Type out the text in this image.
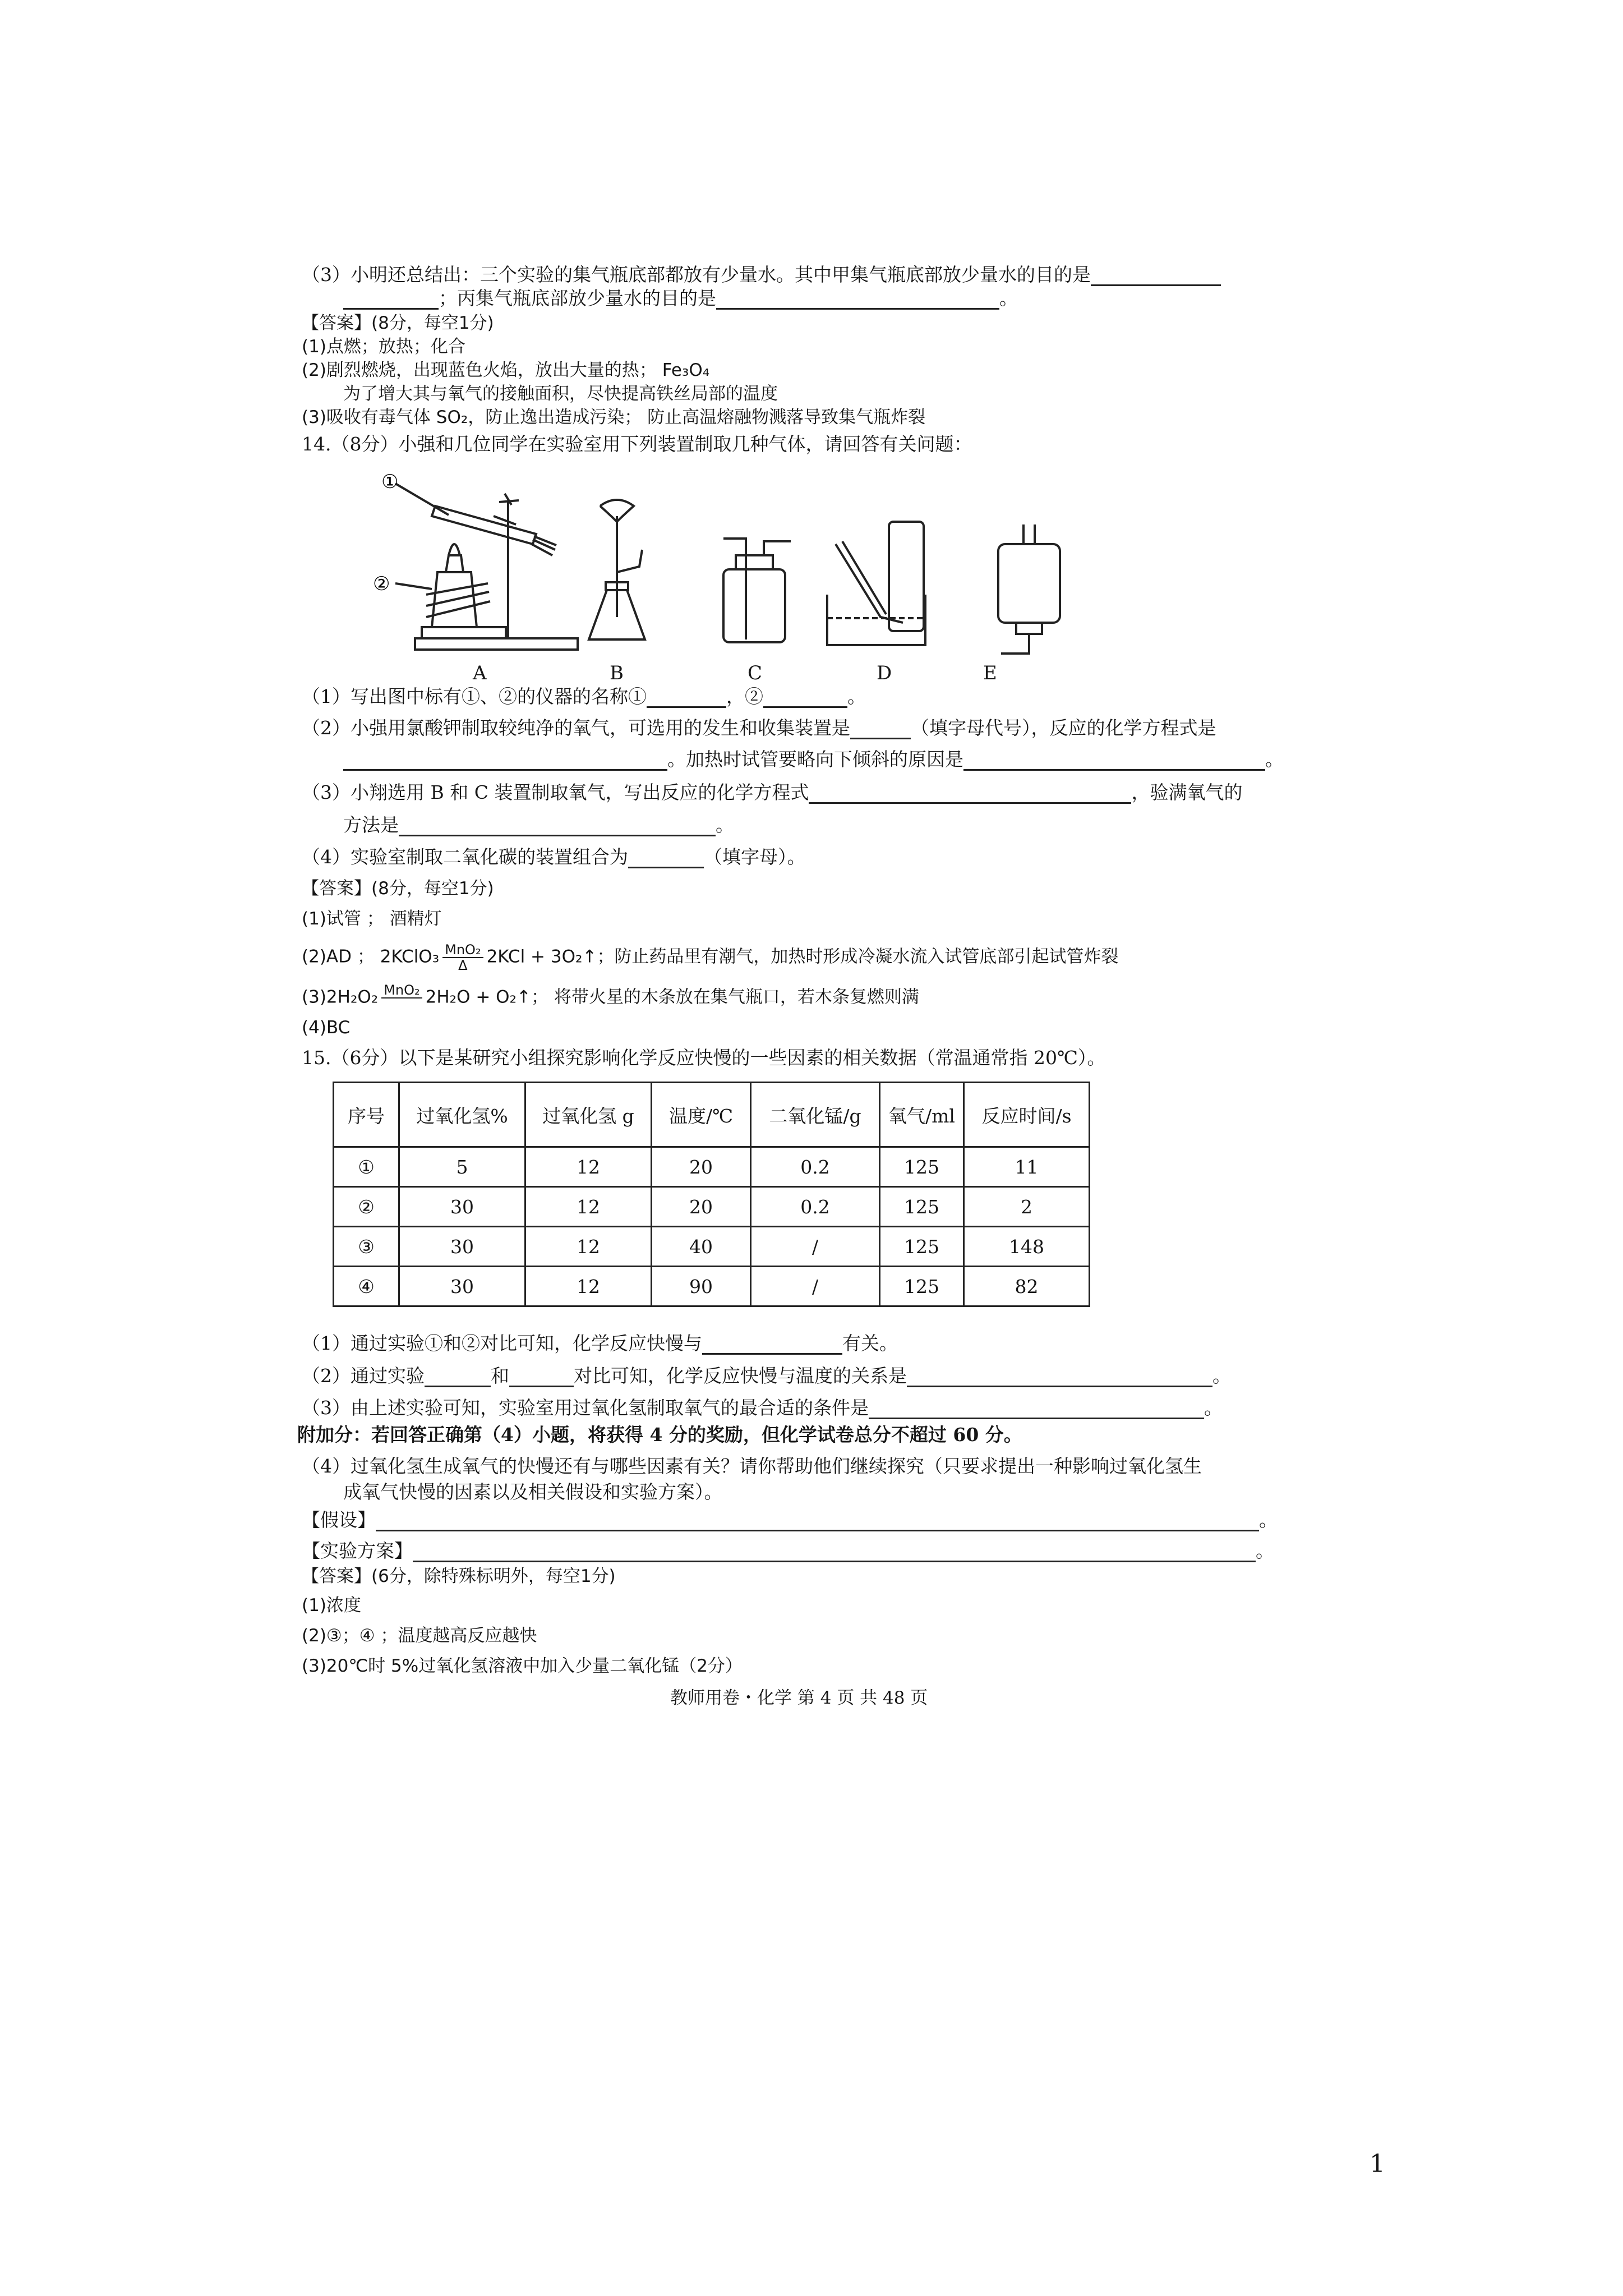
（3）小明还总结出：三个实验的集气瓶底部都放有少量水。其中甲集气瓶底部放少量水的目的是
；丙集气瓶底部放少量水的目的是	。
【答案】(8分，每空1分)
(1)点燃；放热；化合
(2)剧烈燃烧，出现蓝色火焰，放出大量的热； Fe₃O₄
为了增大其与氧气的接触面积，尽快提高铁丝局部的温度
(3)吸收有毒气体 SO₂，防止逸出造成污染； 防止高温熔融物溅落导致集气瓶炸裂
14.（8分）小强和几位同学在实验室用下列装置制取几种气体，请回答有关问题：
①
②
A	B	C	D	E
（1）写出图中标有①、②的仪器的名称①	，②	。
（2）小强用氯酸钾制取较纯净的氧气，可选用的发生和收集装置是	（填字母代号），反应的化学方程式是
。加热时试管要略向下倾斜的原因是	。
（3）小翔选用 B 和 C 装置制取氧气，写出反应的化学方程式	，验满氧气的
方法是	。
（4）实验室制取二氧化碳的装置组合为	（填字母）。
【答案】(8分，每空1分)
(1)试管 ； 酒精灯
(2)AD ； 2KClO₃ $\frac{\text{MnO₂}}{\Delta} 2KCl$ + 3O₂↑；防止药品里有潮气，加热时形成冷凝水流入试管底部引起试管炸裂
(3)2H₂O₂ MnO₂
2H₂O + O₂↑； 将带火星的木条放在集气瓶口，若木条复燃则满
(4)BC
15.（6分）以下是某研究小组探究影响化学反应快慢的一些因素的相关数据（常温通常指 20℃）。
序号	过氧化氢%	过氧化氢 g	温度/℃	二氧化锰/g	氧气/ml	反应时间/s
①	5	12	20	0.2	125	11
②	30	12	20	0.2	125	2
③	30	12	40	/	125	148
④	30	12	90	/	125	82
（1）通过实验①和②对比可知，化学反应快慢与	有关。
（2）通过实验	和	对比可知，化学反应快慢与温度的关系是	。
（3）由上述实验可知，实验室用过氧化氢制取氧气的最合适的条件是	。
附加分：若回答正确第（4）小题，将获得 4 分的奖励，但化学试卷总分不超过 60 分。
（4）过氧化氢生成氧气的快慢还有与哪些因素有关？请你帮助他们继续探究（只要求提出一种影响过氧化氢生
成氧气快慢的因素以及相关假设和实验方案）。
【假设】	。
【实验方案】	。
【答案】(6分，除特殊标明外，每空1分)
(1)浓度
(2)③；④ ；温度越高反应越快
(3)20℃时 5%过氧化氢溶液中加入少量二氧化锰（2分）
教师用卷・化学 第 4 页 共 48 页
1
